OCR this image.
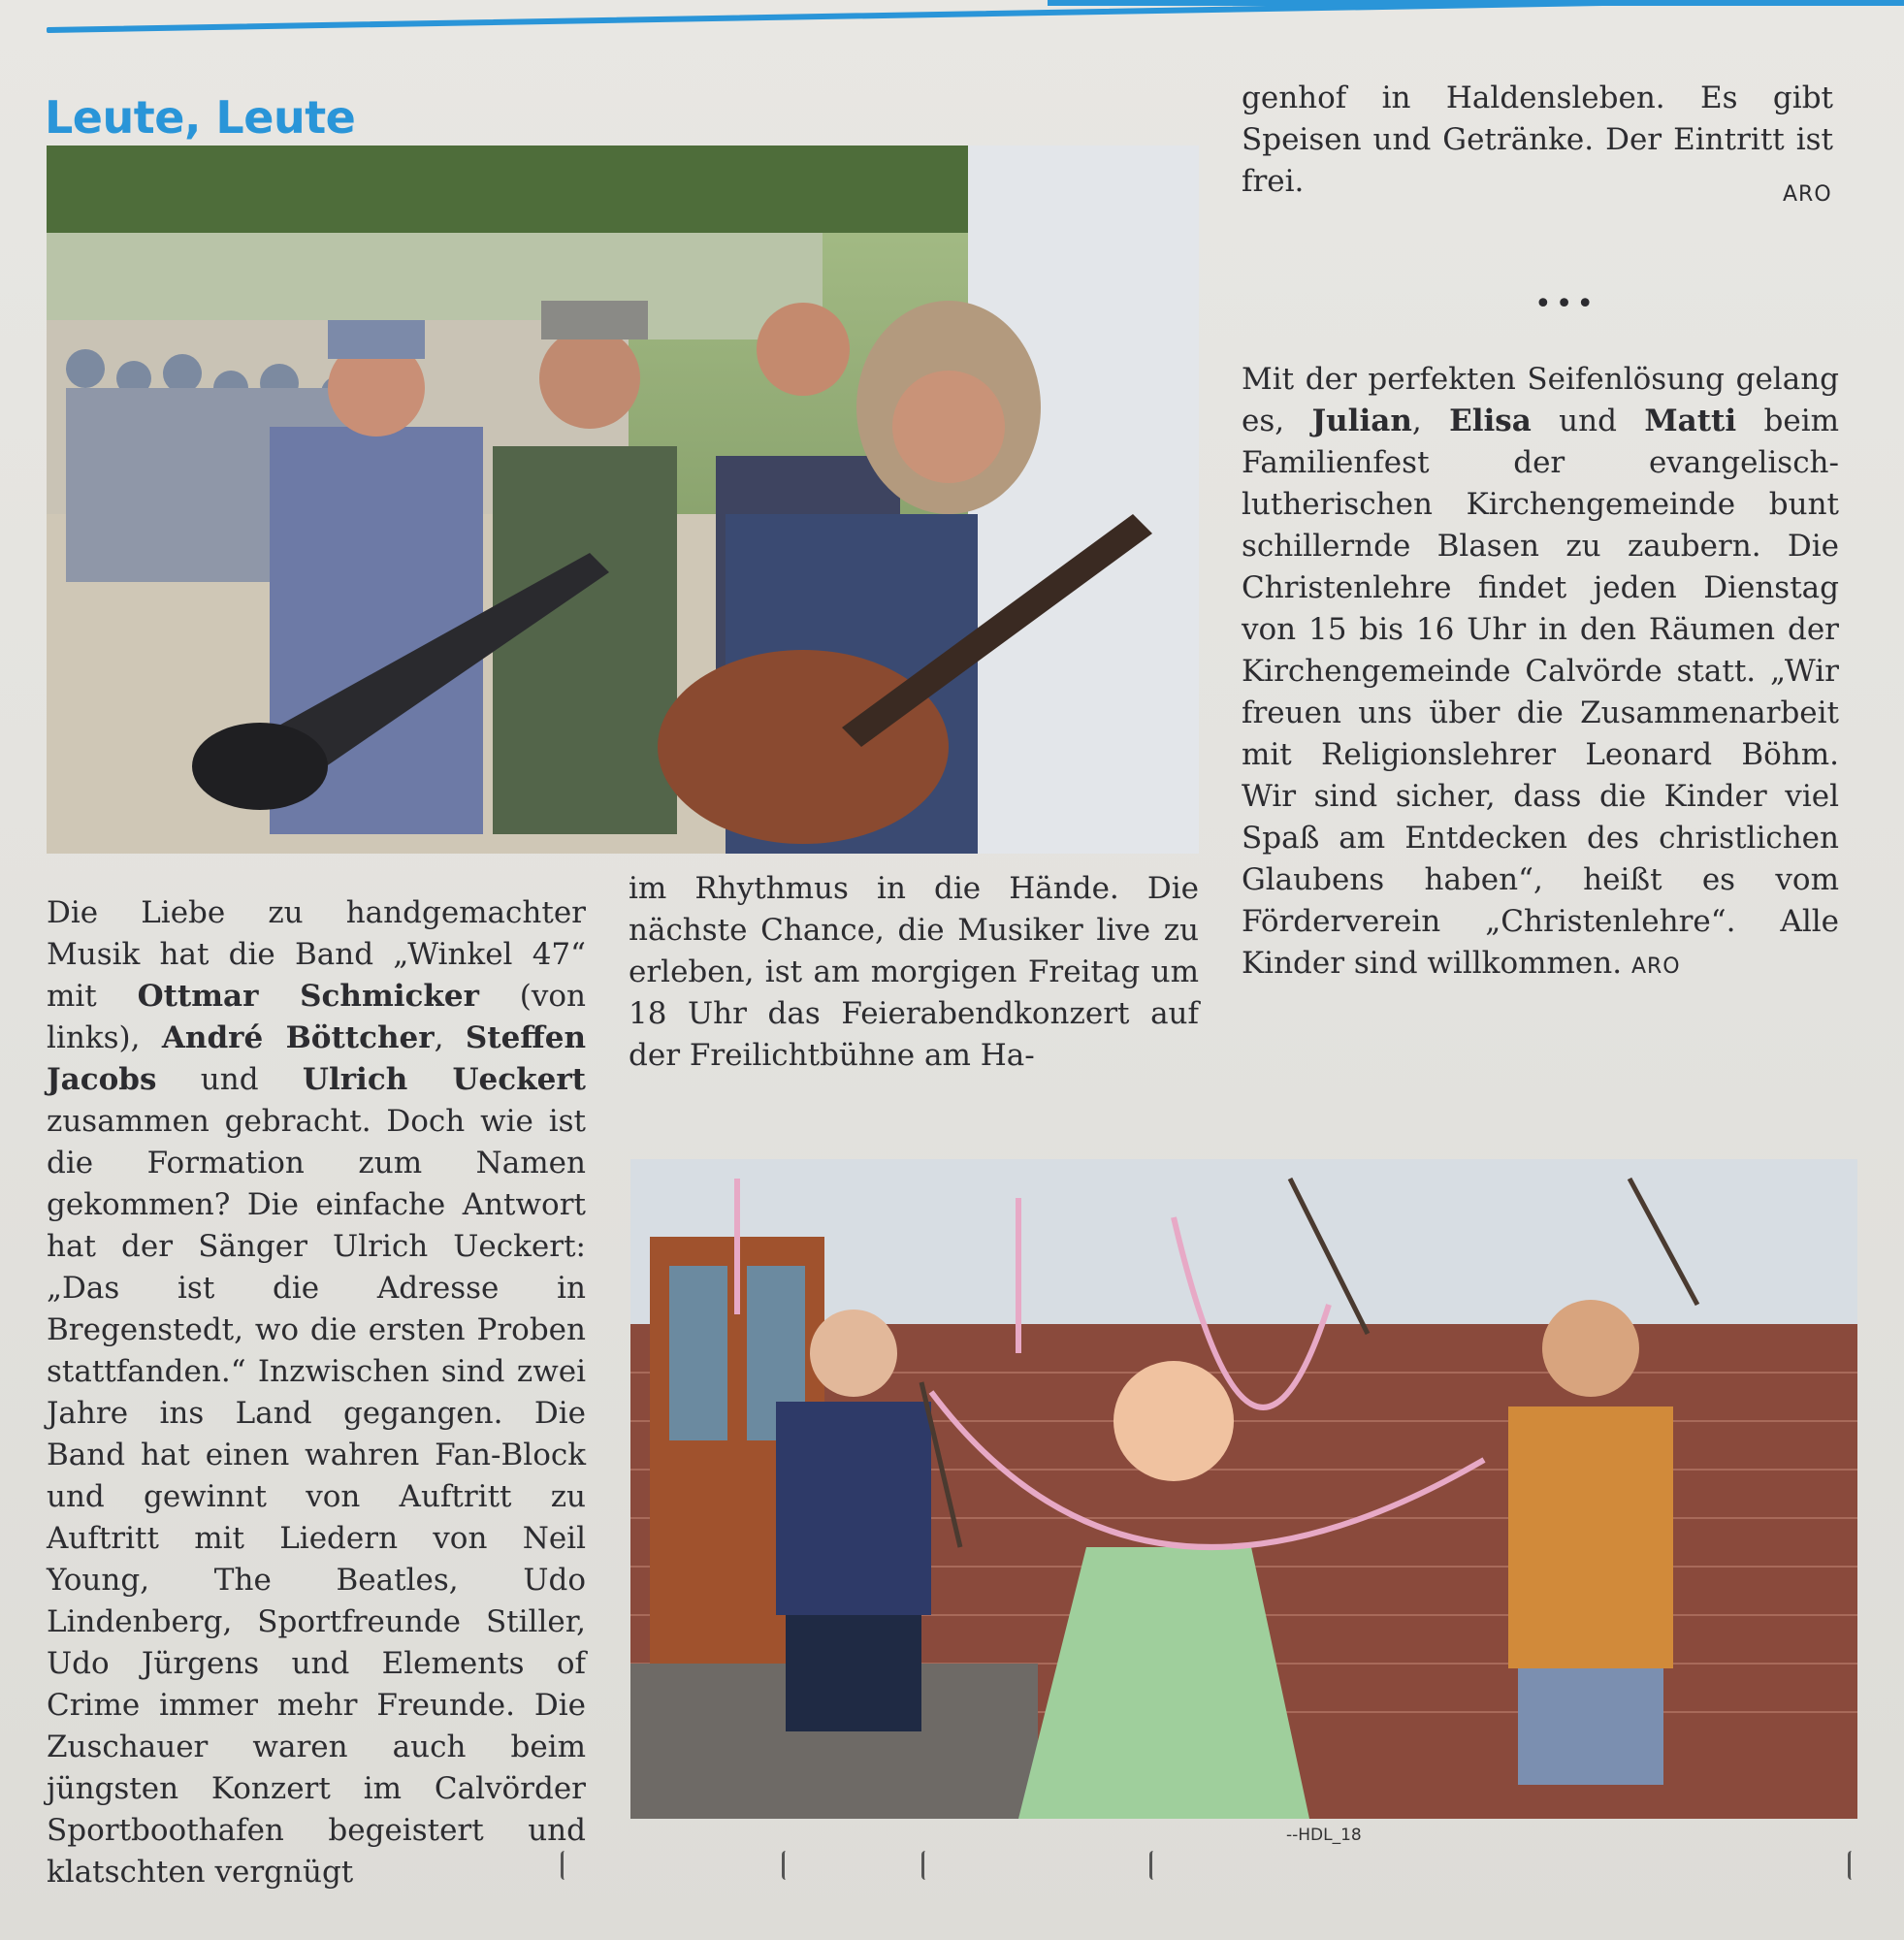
Leute, Leute

Die Liebe zu handgemachter Musik hat die Band „Winkel 47“ mit Ottmar Schmicker (von links), André Böttcher, Steffen Jacobs und Ulrich Ueckert zusammen gebracht. Doch wie ist die Formation zum Namen gekommen? Die einfache Antwort hat der Sänger Ulrich Ueckert: „Das ist die Adresse in Bregenstedt, wo die ersten Proben stattfanden.“ Inzwischen sind zwei Jahre ins Land gegangen. Die Band hat einen wahren Fan-Block und gewinnt von Auftritt zu Auftritt mit Liedern von Neil Young, The Beatles, Udo Lindenberg, Sportfreunde Stiller, Udo Jürgens und Elements of Crime immer mehr Freunde. Die Zuschauer waren auch beim jüngsten Konzert im Calvörder Sportboothafen begeistert und klatschten vergnügt

im Rhythmus in die Hände. Die nächste Chance, die Musiker live zu erleben, ist am morgigen Freitag um 18 Uhr das Feierabendkonzert auf der Freilichtbühne am Ha-

genhof in Haldensleben. Es gibt Speisen und Getränke. Der Eintritt ist frei.	ARO
•••

Mit der perfekten Seifenlösung gelang es, Julian, Elisa und Matti beim Familienfest der evangelisch-lutherischen Kirchengemeinde bunt schillernde Blasen zu zaubern. Die Christenlehre findet jeden Dienstag von 15 bis 16 Uhr in den Räumen der Kirchengemeinde Calvörde statt. „Wir freuen uns über die Zusammenarbeit mit Religionslehrer Leonard Böhm. Wir sind sicher, dass die Kinder viel Spaß am Entdecken des christlichen Glaubens haben“, heißt es vom Förderverein „Christenlehre“. Alle Kinder sind willkommen. ARO

--HDL_18
